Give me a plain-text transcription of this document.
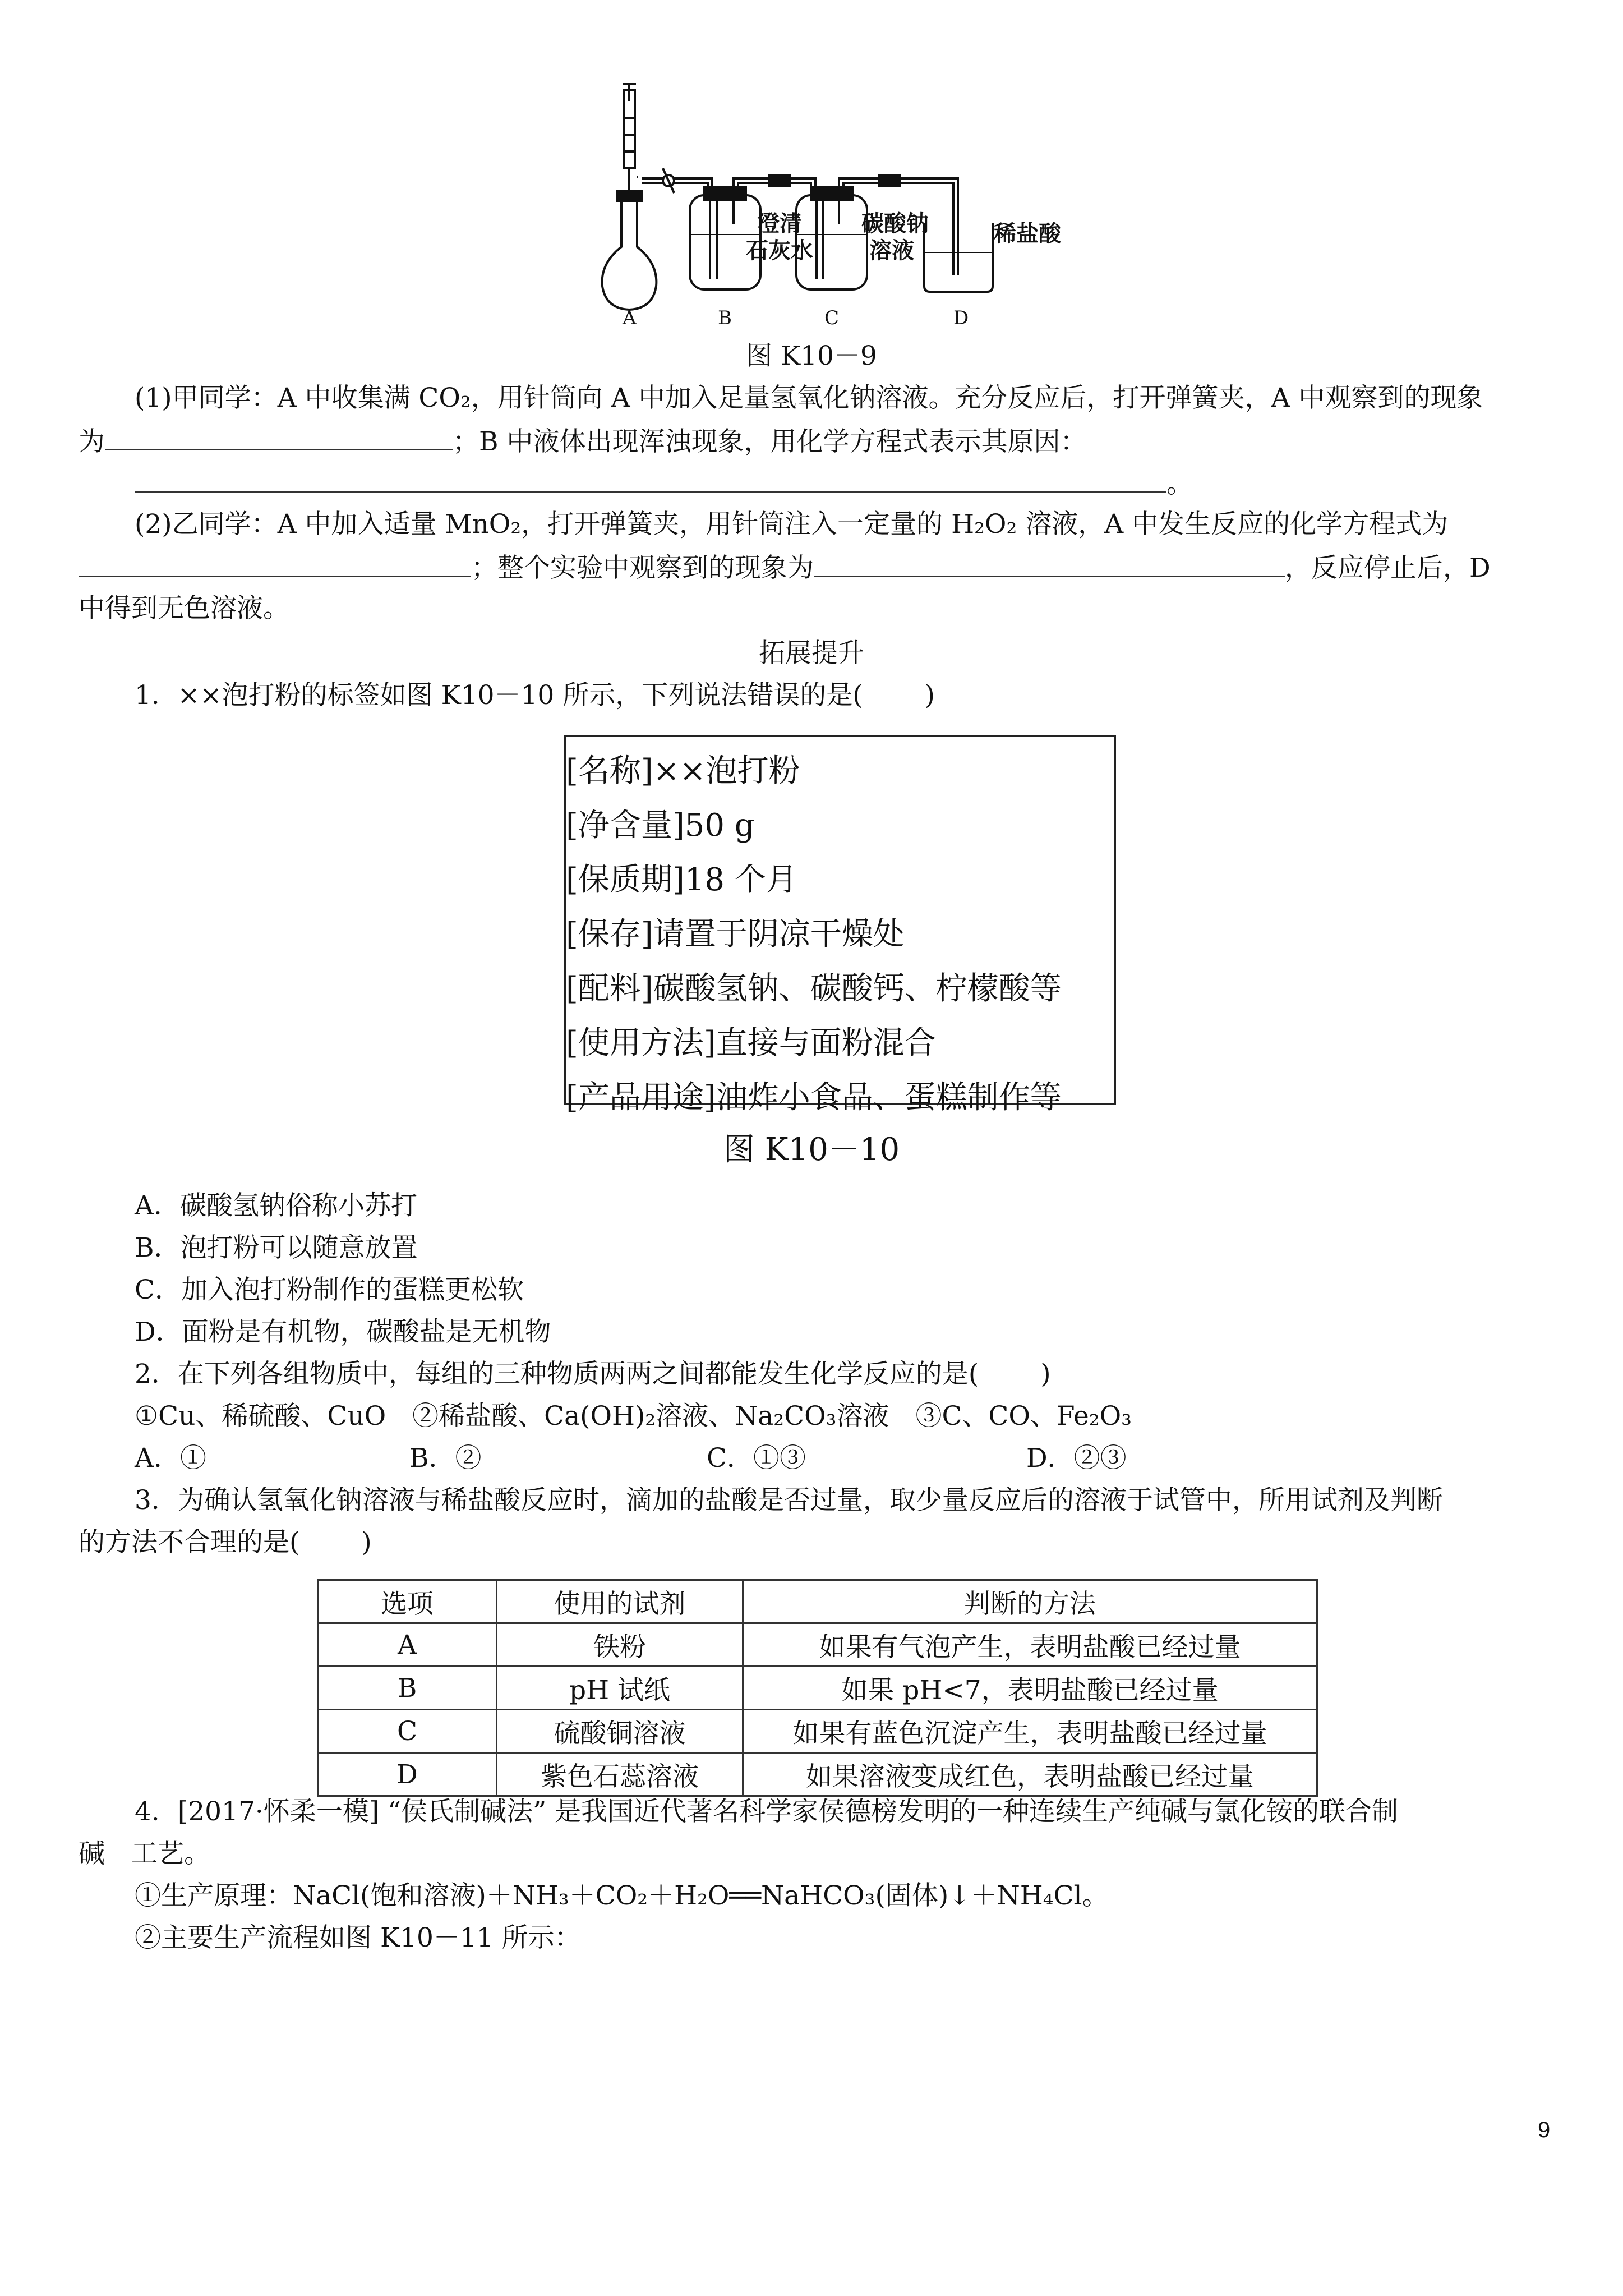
澄清
石灰水
碳酸钠
溶液
稀盐酸
A	B	C	D
图 K10－9
(1)甲同学：A 中收集满 CO₂，用针筒向 A 中加入足量氢氧化钠溶液。充分反应后，打开弹簧夹，A 中观察到的现象
为	；B 中液体出现浑浊现象，用化学方程式表示其原因：
。
(2)乙同学：A 中加入适量 MnO₂，打开弹簧夹，用针筒注入一定量的 H₂O₂ 溶液，A 中发生反应的化学方程式为
；整个实验中观察到的现象为	，反应停止后，D
中得到无色溶液。
拓展提升
1．××泡打粉的标签如图 K10－10 所示，下列说法错误的是( )
[名称]××泡打粉
[净含量]50 g
[保质期]18 个月
[保存]请置于阴凉干燥处
[配料]碳酸氢钠、碳酸钙、柠檬酸等
[使用方法]直接与面粉混合
[产品用途]油炸小食品、蛋糕制作等
图 K10－10
A．碳酸氢钠俗称小苏打
B．泡打粉可以随意放置
C．加入泡打粉制作的蛋糕更松软
D．面粉是有机物，碳酸盐是无机物
2．在下列各组物质中，每组的三种物质两两之间都能发生化学反应的是( )
①Cu、稀硫酸、CuO　②稀盐酸、Ca(OH)₂溶液、Na₂CO₃溶液　③C、CO、Fe₂O₃
A．①	B．②	C．①③	D．②③
3．为确认氢氧化钠溶液与稀盐酸反应时，滴加的盐酸是否过量，取少量反应后的溶液于试管中，所用试剂及判断
的方法不合理的是( )
选项	使用的试剂	判断的方法
A	铁粉	如果有气泡产生，表明盐酸已经过量
B	pH 试纸	如果 pH<7，表明盐酸已经过量
C	硫酸铜溶液	如果有蓝色沉淀产生，表明盐酸已经过量
D	紫色石蕊溶液	如果溶液变成红色，表明盐酸已经过量
4．[2017·怀柔一模] “侯氏制碱法” 是我国近代著名科学家侯德榜发明的一种连续生产纯碱与氯化铵的联合制
碱　工艺。
①生产原理：NaCl(饱和溶液)＋NH₃＋CO₂＋H₂O══NaHCO₃(固体)↓＋NH₄Cl。
②主要生产流程如图 K10－11 所示：
9
